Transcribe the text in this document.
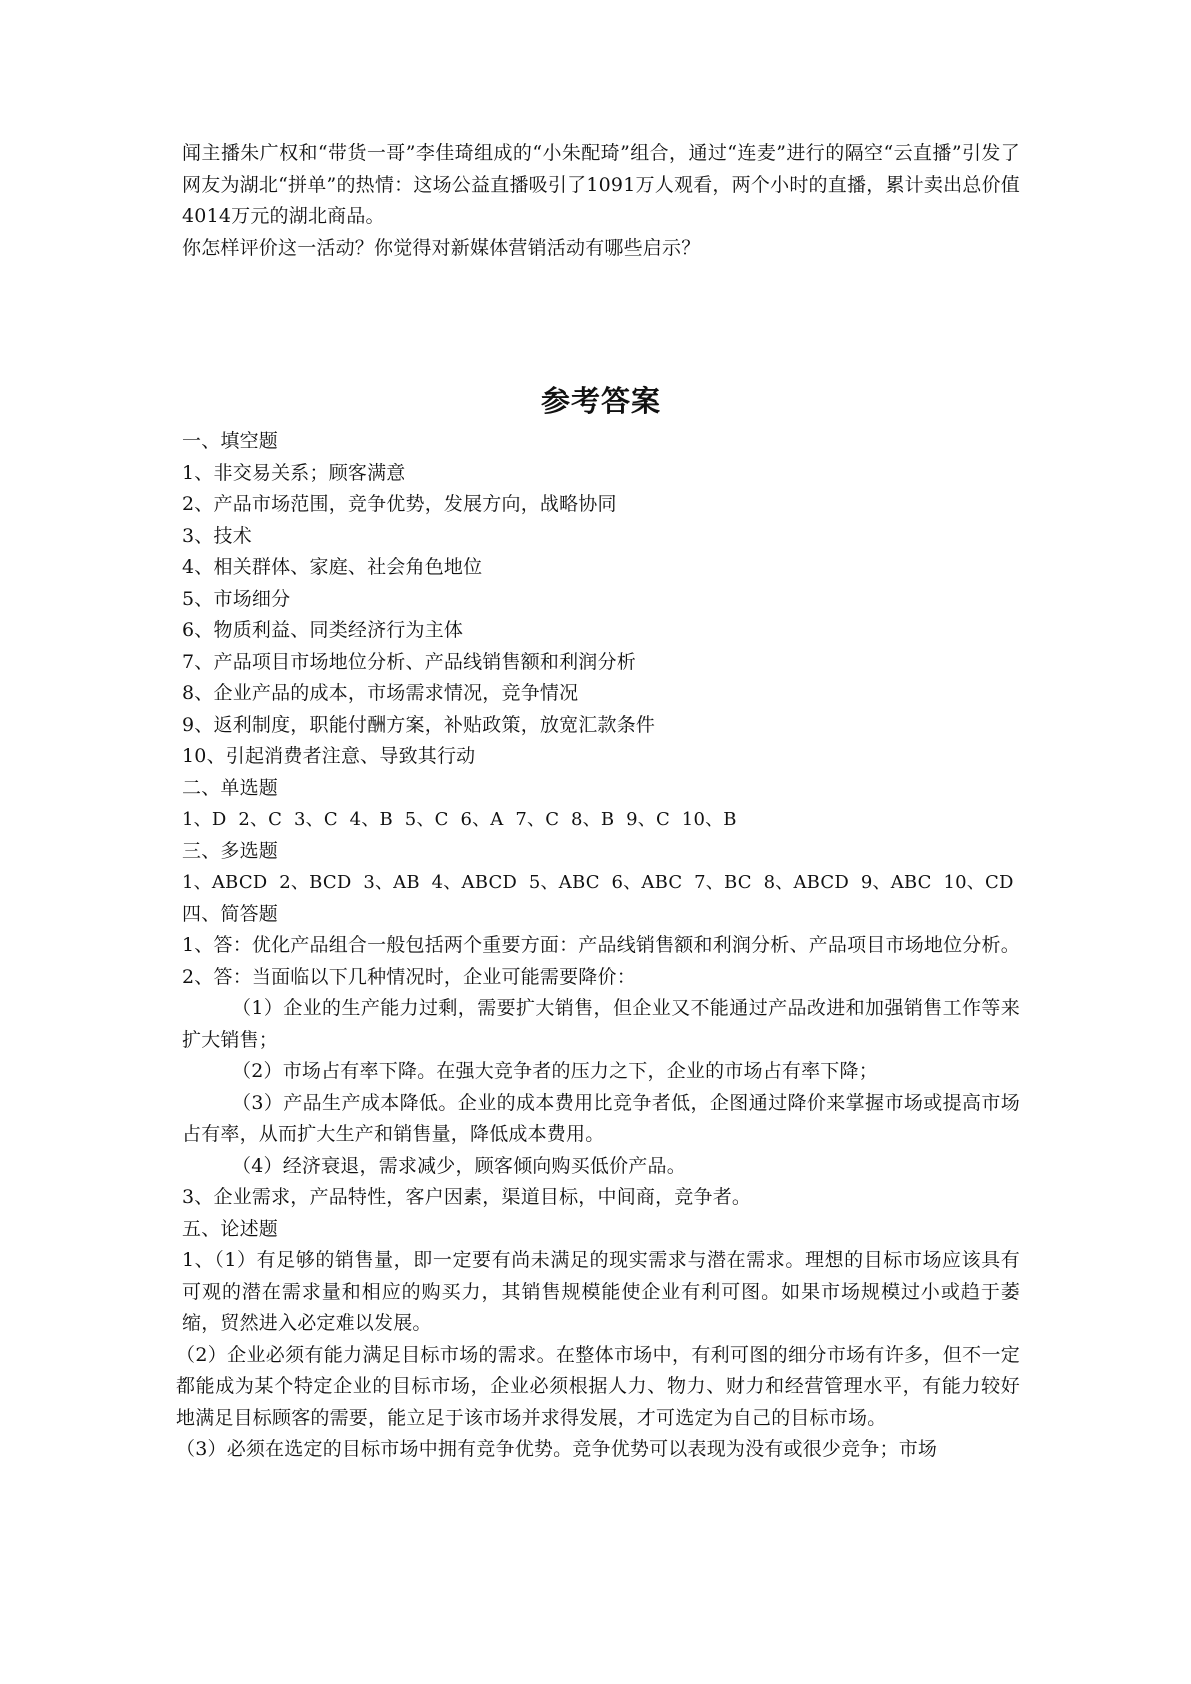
闻主播朱广权和“带货一哥”李佳琦组成的“小朱配琦”组合，通过“连麦”进行的隔空“云直播”引发了网友为湖北“拼单”的热情：这场公益直播吸引了1091万人观看，两个小时的直播，累计卖出总价值4014万元的湖北商品。

你怎样评价这一活动？你觉得对新媒体营销活动有哪些启示？

参考答案

一、填空题

1、非交易关系；顾客满意

2、产品市场范围，竞争优势，发展方向，战略协同

3、技术

4、相关群体、家庭、社会角色地位

5、市场细分

6、物质利益、同类经济行为主体

7、产品项目市场地位分析、产品线销售额和利润分析

8、企业产品的成本，市场需求情况，竞争情况

9、返利制度，职能付酬方案，补贴政策，放宽汇款条件

10、引起消费者注意、导致其行动

二、单选题

1、D  2、C  3、C  4、B  5、C  6、A  7、C  8、B  9、C  10、B

三、多选题

1、ABCD  2、BCD  3、AB  4、ABCD  5、ABC  6、ABC  7、BC  8、ABCD  9、ABC  10、CD

四、简答题

1、答：优化产品组合一般包括两个重要方面：产品线销售额和利润分析、产品项目市场地位分析。

2、答：当面临以下几种情况时，企业可能需要降价：

（1）企业的生产能力过剩，需要扩大销售，但企业又不能通过产品改进和加强销售工作等来扩大销售；

（2）市场占有率下降。在强大竞争者的压力之下，企业的市场占有率下降；

（3）产品生产成本降低。企业的成本费用比竞争者低，企图通过降价来掌握市场或提高市场占有率，从而扩大生产和销售量，降低成本费用。

（4）经济衰退，需求减少，顾客倾向购买低价产品。

3、企业需求，产品特性，客户因素，渠道目标，中间商，竞争者。

五、论述题

1、（1）有足够的销售量，即一定要有尚未满足的现实需求与潜在需求。理想的目标市场应该具有可观的潜在需求量和相应的购买力，其销售规模能使企业有利可图。如果市场规模过小或趋于萎缩，贸然进入必定难以发展。

（2）企业必须有能力满足目标市场的需求。在整体市场中，有利可图的细分市场有许多，但不一定都能成为某个特定企业的目标市场，企业必须根据人力、物力、财力和经营管理水平，有能力较好地满足目标顾客的需要，能立足于该市场并求得发展，才可选定为自己的目标市场。

（3）必须在选定的目标市场中拥有竞争优势。竞争优势可以表现为没有或很少竞争；市场
